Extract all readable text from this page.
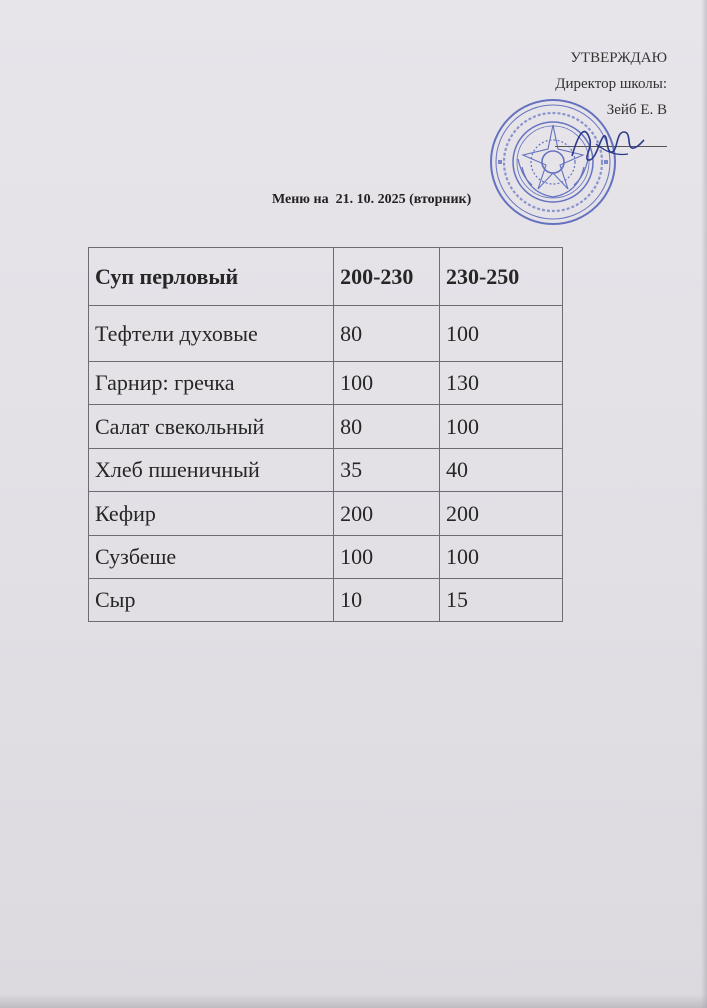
УТВЕРЖДАЮ
Директор школы:
Зейб Е. В
Меню на  21. 10. 2025 (вторник)
Суп перловый	200-230	230-250
Тефтели духовые	80	100
Гарнир: гречка	100	130
Салат свекольный	80	100
Хлеб пшеничный	35	40
Кефир	200	200
Сузбеше	100	100
Сыр	10	15
